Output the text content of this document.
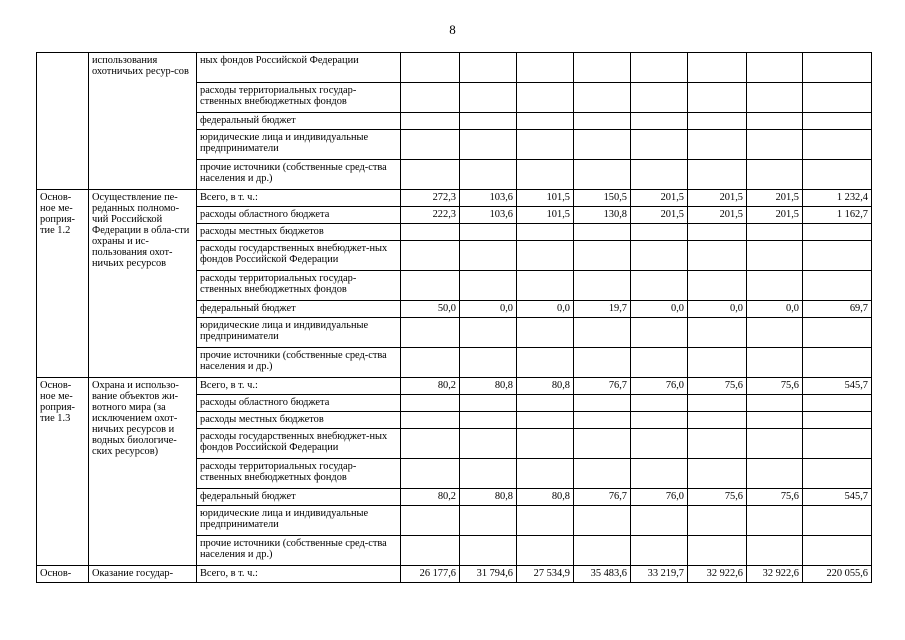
8
	использования охотничьих ресур-сов	ных фондов Российской Федерации								
		расходы территориальных государ-ственных внебюджетных фондов								
		федеральный бюджет								
		юридические лица и индивидуальные предприниматели								
		прочие источники (собственные сред-ства населения и др.)								
Основ-ное ме-роприя-тие 1.2	Осуществление пе-реданных полномо-чий Российской Федерации в обла-сти охраны и ис-пользования охот-ничьих ресурсов	Всего, в т. ч.:	272,3	103,6	101,5	150,5	201,5	201,5	201,5	1 232,4
		расходы областного бюджета	222,3	103,6	101,5	130,8	201,5	201,5	201,5	1 162,7
		расходы местных бюджетов								
		расходы государственных внебюджет-ных фондов Российской Федерации								
		расходы территориальных государ-ственных внебюджетных фондов								
		федеральный бюджет	50,0	0,0	0,0	19,7	0,0	0,0	0,0	69,7
		юридические лица и индивидуальные предприниматели								
		прочие источники (собственные сред-ства населения и др.)								
Основ-ное ме-роприя-тие 1.3	Охрана и использо-вание объектов жи-вотного мира (за исключением охот-ничьих ресурсов и водных биологиче-ских ресурсов)	Всего, в т. ч.:	80,2	80,8	80,8	76,7	76,0	75,6	75,6	545,7
		расходы областного бюджета								
		расходы местных бюджетов								
		расходы государственных внебюджет-ных фондов Российской Федерации								
		расходы территориальных государ-ственных внебюджетных фондов								
		федеральный бюджет	80,2	80,8	80,8	76,7	76,0	75,6	75,6	545,7
		юридические лица и индивидуальные предприниматели								
		прочие источники (собственные сред-ства населения и др.)								
Основ-	Оказание государ-	Всего, в т. ч.:	26 177,6	31 794,6	27 534,9	35 483,6	33 219,7	32 922,6	32 922,6	220 055,6
